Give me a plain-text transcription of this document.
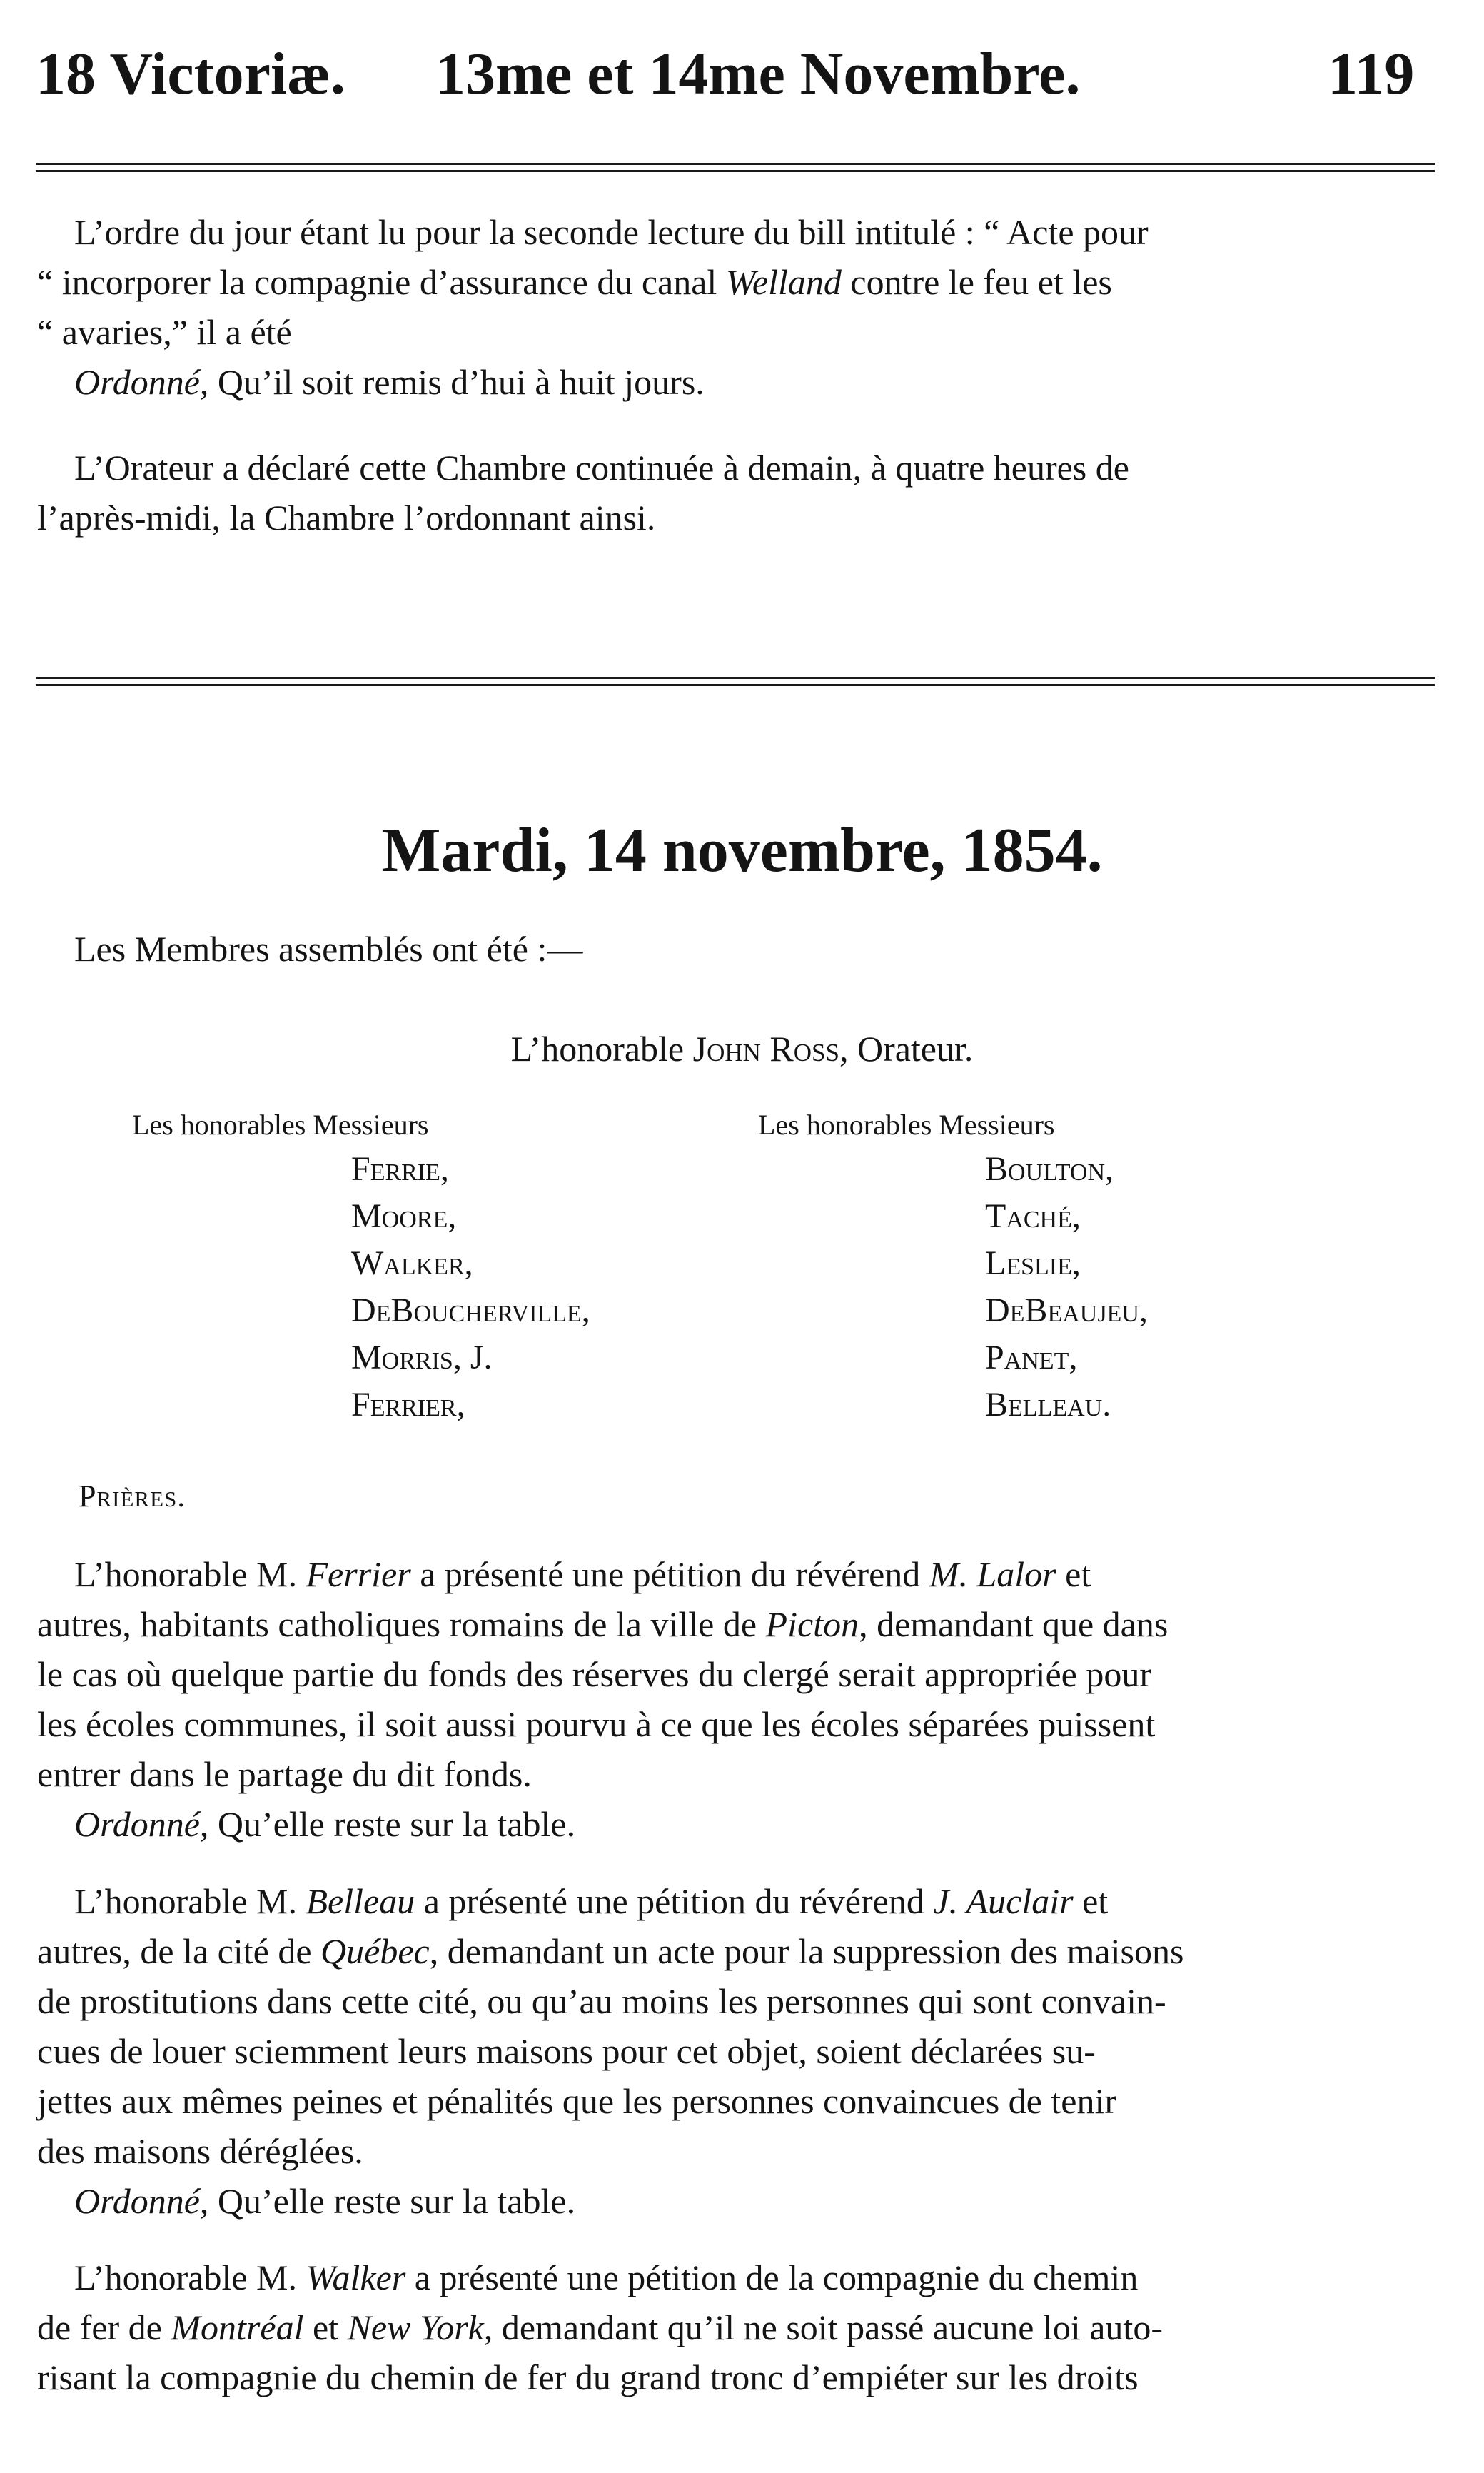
18 Victoriæ. 13me et 14me Novembre.	119
L’ordre du jour étant lu pour la seconde lecture du bill intitulé : “ Acte pour
“ incorporer la compagnie d’assurance du canal Welland contre le feu et les
“ avaries,” il a été
Ordonné, Qu’il soit remis d’hui à huit jours.
L’Orateur a déclaré cette Chambre continuée à demain, à quatre heures de
l’après-midi, la Chambre l’ordonnant ainsi.
Mardi, 14 novembre, 1854.
Les Membres assemblés ont été :—
L’honorable John Ross, Orateur.
Les honorables Messieurs	Les honorables Messieurs
Ferrie,
Moore,
Walker,
DeBoucherville,
Morris, J.
Ferrier,
Boulton,
Taché,
Leslie,
DeBeaujeu,
Panet,
Belleau.
Prières.
L’honorable M. Ferrier a présenté une pétition du révérend M. Lalor et
autres, habitants catholiques romains de la ville de Picton, demandant que dans
le cas où quelque partie du fonds des réserves du clergé serait appropriée pour
les écoles communes, il soit aussi pourvu à ce que les écoles séparées puissent
entrer dans le partage du dit fonds.
Ordonné, Qu’elle reste sur la table.
L’honorable M. Belleau a présenté une pétition du révérend J. Auclair et
autres, de la cité de Québec, demandant un acte pour la suppression des maisons
de prostitutions dans cette cité, ou qu’au moins les personnes qui sont convain-
cues de louer sciemment leurs maisons pour cet objet, soient déclarées su-
jettes aux mêmes peines et pénalités que les personnes convaincues de tenir
des maisons déréglées.
Ordonné, Qu’elle reste sur la table.
L’honorable M. Walker a présenté une pétition de la compagnie du chemin
de fer de Montréal et New York, demandant qu’il ne soit passé aucune loi auto-
risant la compagnie du chemin de fer du grand tronc d’empiéter sur les droits
